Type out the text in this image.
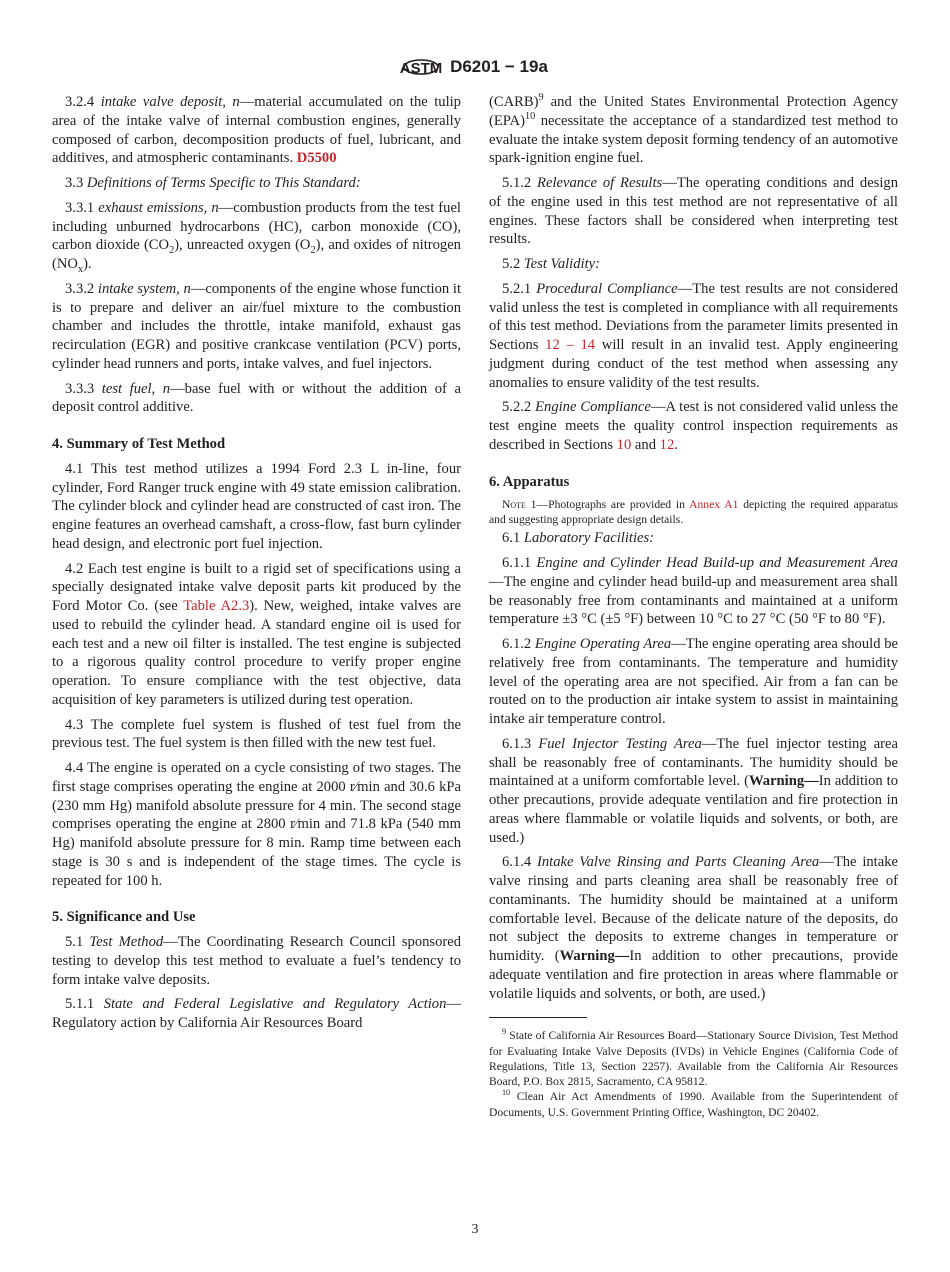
ASTM D6201 − 19a
3.2.4 intake valve deposit, n—material accumulated on the tulip area of the intake valve of internal combustion engines, generally composed of carbon, decomposition products of fuel, lubricant, and additives, and atmospheric contaminants. D5500
3.3 Definitions of Terms Specific to This Standard:
3.3.1 exhaust emissions, n—combustion products from the test fuel including unburned hydrocarbons (HC), carbon monoxide (CO), carbon dioxide $(CO_2)$, unreacted oxygen $(O_2)$, and oxides of nitrogen $(NO_x)$.
3.3.2 intake system, n—components of the engine whose function it is to prepare and deliver an air/fuel mixture to the combustion chamber and includes the throttle, intake manifold, exhaust gas recirculation (EGR) and positive crankcase ventilation (PCV) ports, cylinder head runners and ports, intake valves, and fuel injectors.
3.3.3 test fuel, n—base fuel with or without the addition of a deposit control additive.
4. Summary of Test Method
4.1 This test method utilizes a 1994 Ford 2.3 L in-line, four cylinder, Ford Ranger truck engine with 49 state emission calibration. The cylinder block and cylinder head are constructed of cast iron. The engine features an overhead camshaft, a cross-flow, fast burn cylinder head design, and electronic port fuel injection.
4.2 Each test engine is built to a rigid set of specifications using a specially designated intake valve deposit parts kit produced by the Ford Motor Co. (see Table A2.3). New, weighed, intake valves are used to rebuild the cylinder head. A standard engine oil is used for each test and a new oil filter is installed. The test engine is subjected to a rigorous quality control procedure to verify proper engine operation. To ensure compliance with the test objective, data acquisition of key parameters is utilized during test operation.
4.3 The complete fuel system is flushed of test fuel from the previous test. The fuel system is then filled with the new test fuel.
4.4 The engine is operated on a cycle consisting of two stages. The first stage comprises operating the engine at 2000 r⁄min and 30.6 kPa (230 mm Hg) manifold absolute pressure for 4 min. The second stage comprises operating the engine at 2800 r⁄min and 71.8 kPa (540 mm Hg) manifold absolute pressure for 8 min. Ramp time between each stage is 30 s and is independent of the stage times. The cycle is repeated for 100 h.
5. Significance and Use
5.1 Test Method—The Coordinating Research Council sponsored testing to develop this test method to evaluate a fuel’s tendency to form intake valve deposits.
5.1.1 State and Federal Legislative and Regulatory Action—Regulatory action by California Air Resources Board
(CARB)$^9$ and the United States Environmental Protection Agency (EPA)$^{10}$ necessitate the acceptance of a standardized test method to evaluate the intake system deposit forming tendency of an automotive spark-ignition engine fuel.
5.1.2 Relevance of Results—The operating conditions and design of the engine used in this test method are not representative of all engines. These factors shall be considered when interpreting test results.
5.2 Test Validity:
5.2.1 Procedural Compliance—The test results are not considered valid unless the test is completed in compliance with all requirements of this test method. Deviations from the parameter limits presented in Sections 12 – 14 will result in an invalid test. Apply engineering judgment during conduct of the test method when assessing any anomalies to ensure validity of the test results.
5.2.2 Engine Compliance—A test is not considered valid unless the test engine meets the quality control inspection requirements as described in Sections 10 and 12.
6. Apparatus
Note 1—Photographs are provided in Annex A1 depicting the required apparatus and suggesting appropriate design details.
6.1 Laboratory Facilities:
6.1.1 Engine and Cylinder Head Build-up and Measurement Area—The engine and cylinder head build-up and measurement area shall be reasonably free from contaminants and maintained at a uniform temperature ±3 °C (±5 °F) between 10 °C to 27 °C (50 °F to 80 °F).
6.1.2 Engine Operating Area—The engine operating area should be relatively free from contaminants. The temperature and humidity level of the operating area are not specified. Air from a fan can be routed on to the production air intake system to assist in maintaining intake air temperature control.
6.1.3 Fuel Injector Testing Area—The fuel injector testing area shall be reasonably free of contaminants. The humidity should be maintained at a uniform comfortable level. (Warning—In addition to other precautions, provide adequate ventilation and fire protection in areas where flammable or volatile liquids and solvents, or both, are used.)
6.1.4 Intake Valve Rinsing and Parts Cleaning Area—The intake valve rinsing and parts cleaning area shall be reasonably free of contaminants. The humidity should be maintained at a uniform comfortable level. Because of the delicate nature of the deposits, do not subject the deposits to extreme changes in temperature or humidity. (Warning—In addition to other precautions, provide adequate ventilation and fire protection in areas where flammable or volatile liquids and solvents, or both, are used.)
$^9$ State of California Air Resources Board—Stationary Source Division, Test Method for Evaluating Intake Valve Deposits (IVDs) in Vehicle Engines (California Code of Regulations, Title 13, Section 2257). Available from the California Air Resources Board, P.O. Box 2815, Sacramento, CA 95812.
$^{10}$ Clean Air Act Amendments of 1990. Available from the Superintendent of Documents, U.S. Government Printing Office, Washington, DC 20402.
3
